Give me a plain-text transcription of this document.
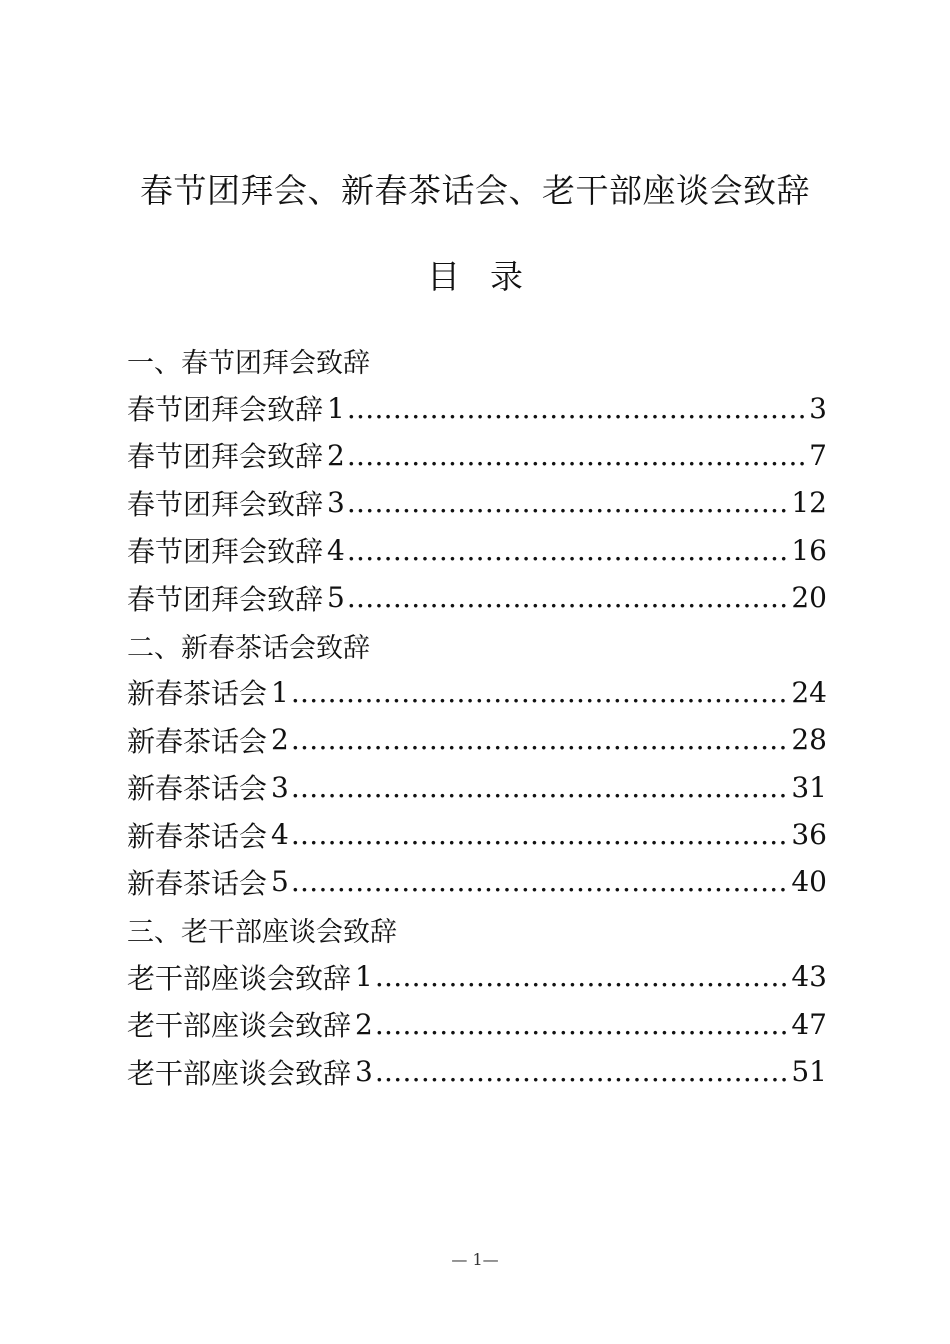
春节团拜会、新春茶话会、老干部座谈会致辞
目录
一、春节团拜会致辞
春节团拜会致辞 1 .....	3
春节团拜会致辞 2 .....	7
春节团拜会致辞 3 .....	12
春节团拜会致辞 4 .....	16
春节团拜会致辞 5 .....	20
二、新春茶话会致辞
新春茶话会 1 .....	24
新春茶话会 2 .....	28
新春茶话会 3 .....	31
新春茶话会 4 .....	36
新春茶话会 5 .....	40
三、老干部座谈会致辞
老干部座谈会致辞 1 .....	43
老干部座谈会致辞 2 .....	47
老干部座谈会致辞 3 .....	51
— 1—
